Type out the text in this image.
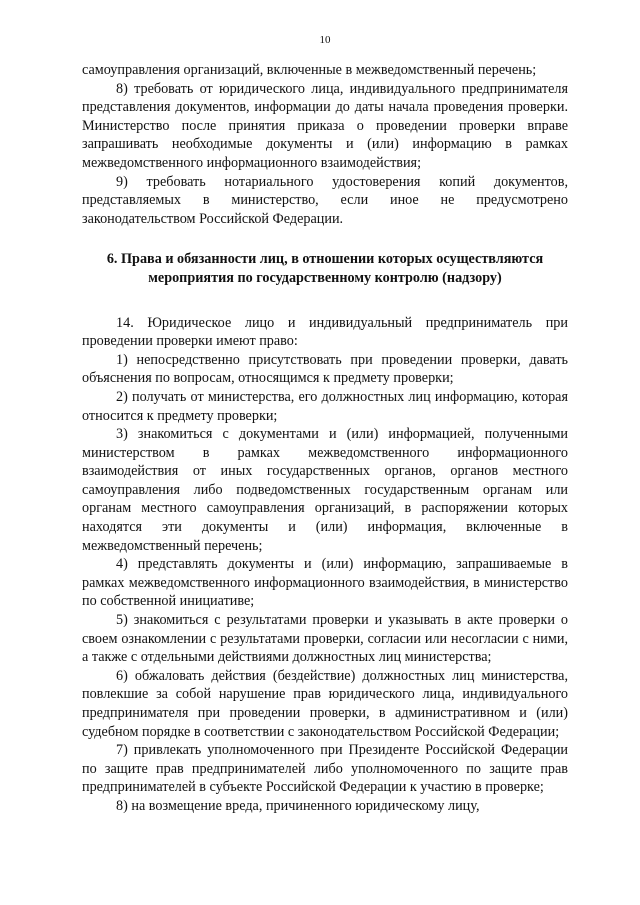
10

самоуправления организаций, включенные в межведомственный перечень;

8) требовать от юридического лица, индивидуального предпринимателя представления документов, информации до даты начала проведения проверки. Министерство после принятия приказа о проведении проверки вправе запрашивать необходимые документы и (или) информацию в рамках межведомственного информационного взаимодействия;

9) требовать нотариального удостоверения копий документов, представляемых в министерство, если иное не предусмотрено законодательством Российской Федерации.

6. Права и обязанности лиц, в отношении которых осуществляются мероприятия по государственному контролю (надзору)

14. Юридическое лицо и индивидуальный предприниматель при проведении проверки имеют право:

1) непосредственно присутствовать при проведении проверки, давать объяснения по вопросам, относящимся к предмету проверки;

2) получать от министерства, его должностных лиц информацию, которая относится к предмету проверки;

3) знакомиться с документами и (или) информацией, полученными министерством в рамках межведомственного информационного взаимодействия от иных государственных органов, органов местного самоуправления либо подведомственных государственным органам или органам местного самоуправления организаций, в распоряжении которых находятся эти документы и (или) информация, включенные в межведомственный перечень;

4) представлять документы и (или) информацию, запрашиваемые в рамках межведомственного информационного взаимодействия, в министерство по собственной инициативе;

5) знакомиться с результатами проверки и указывать в акте проверки о своем ознакомлении с результатами проверки, согласии или несогласии с ними, а также с отдельными действиями должностных лиц министерства;

6) обжаловать действия (бездействие) должностных лиц министерства, повлекшие за собой нарушение прав юридического лица, индивидуального предпринимателя при проведении проверки, в административном и (или) судебном порядке в соответствии с законодательством Российской Федерации;

7) привлекать уполномоченного при Президенте Российской Федерации по защите прав предпринимателей либо уполномоченного по защите прав предпринимателей в субъекте Российской Федерации к участию в проверке;

8) на возмещение вреда, причиненного юридическому лицу,
